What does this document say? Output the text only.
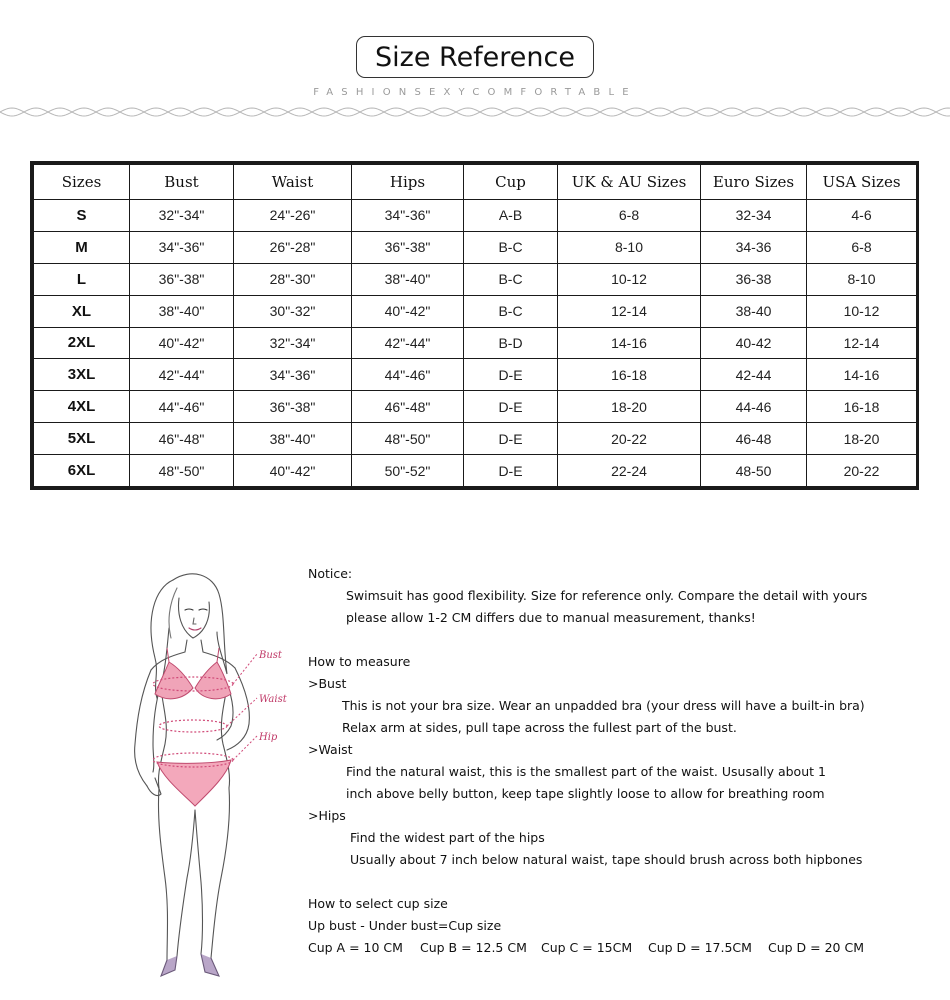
Size Reference
FASHIONSEXYCOMFORTABLE
Sizes	Bust	Waist	Hips	Cup	UK & AU Sizes	Euro Sizes	USA Sizes
S	32"-34"	24"-26"	34"-36"	A-B	6-8	32-34	4-6
M	34"-36"	26"-28"	36"-38"	B-C	8-10	34-36	6-8
L	36"-38"	28"-30"	38"-40"	B-C	10-12	36-38	8-10
XL	38"-40"	30"-32"	40"-42"	B-C	12-14	38-40	10-12
2XL	40"-42"	32"-34"	42"-44"	B-D	14-16	40-42	12-14
3XL	42"-44"	34"-36"	44"-46"	D-E	16-18	42-44	14-16
4XL	44"-46"	36"-38"	46"-48"	D-E	18-20	44-46	16-18
5XL	46"-48"	38"-40"	48"-50"	D-E	20-22	46-48	18-20
6XL	48"-50"	40"-42"	50"-52"	D-E	22-24	48-50	20-22
Bust
Waist
Hip
Notice:
Swimsuit has good flexibility. Size for reference only. Compare the detail with yours
please allow 1-2 CM differs due to manual measurement, thanks!
How to measure
>Bust
This is not your bra size. Wear an unpadded bra (your dress will have a built-in bra)
Relax arm at sides, pull tape across the fullest part of the bust.
>Waist
Find the natural waist, this is the smallest part of the waist. Ususally about 1
inch above belly button, keep tape slightly loose to allow for breathing room
>Hips
Find the widest part of the hips
Usually about 7 inch below natural waist, tape should brush across both hipbones
How to select cup size
Up bust - Under bust=Cup size
Cup A = 10 CM Cup B = 12.5 CM Cup C = 15CM Cup D = 17.5CM Cup D = 20 CM
